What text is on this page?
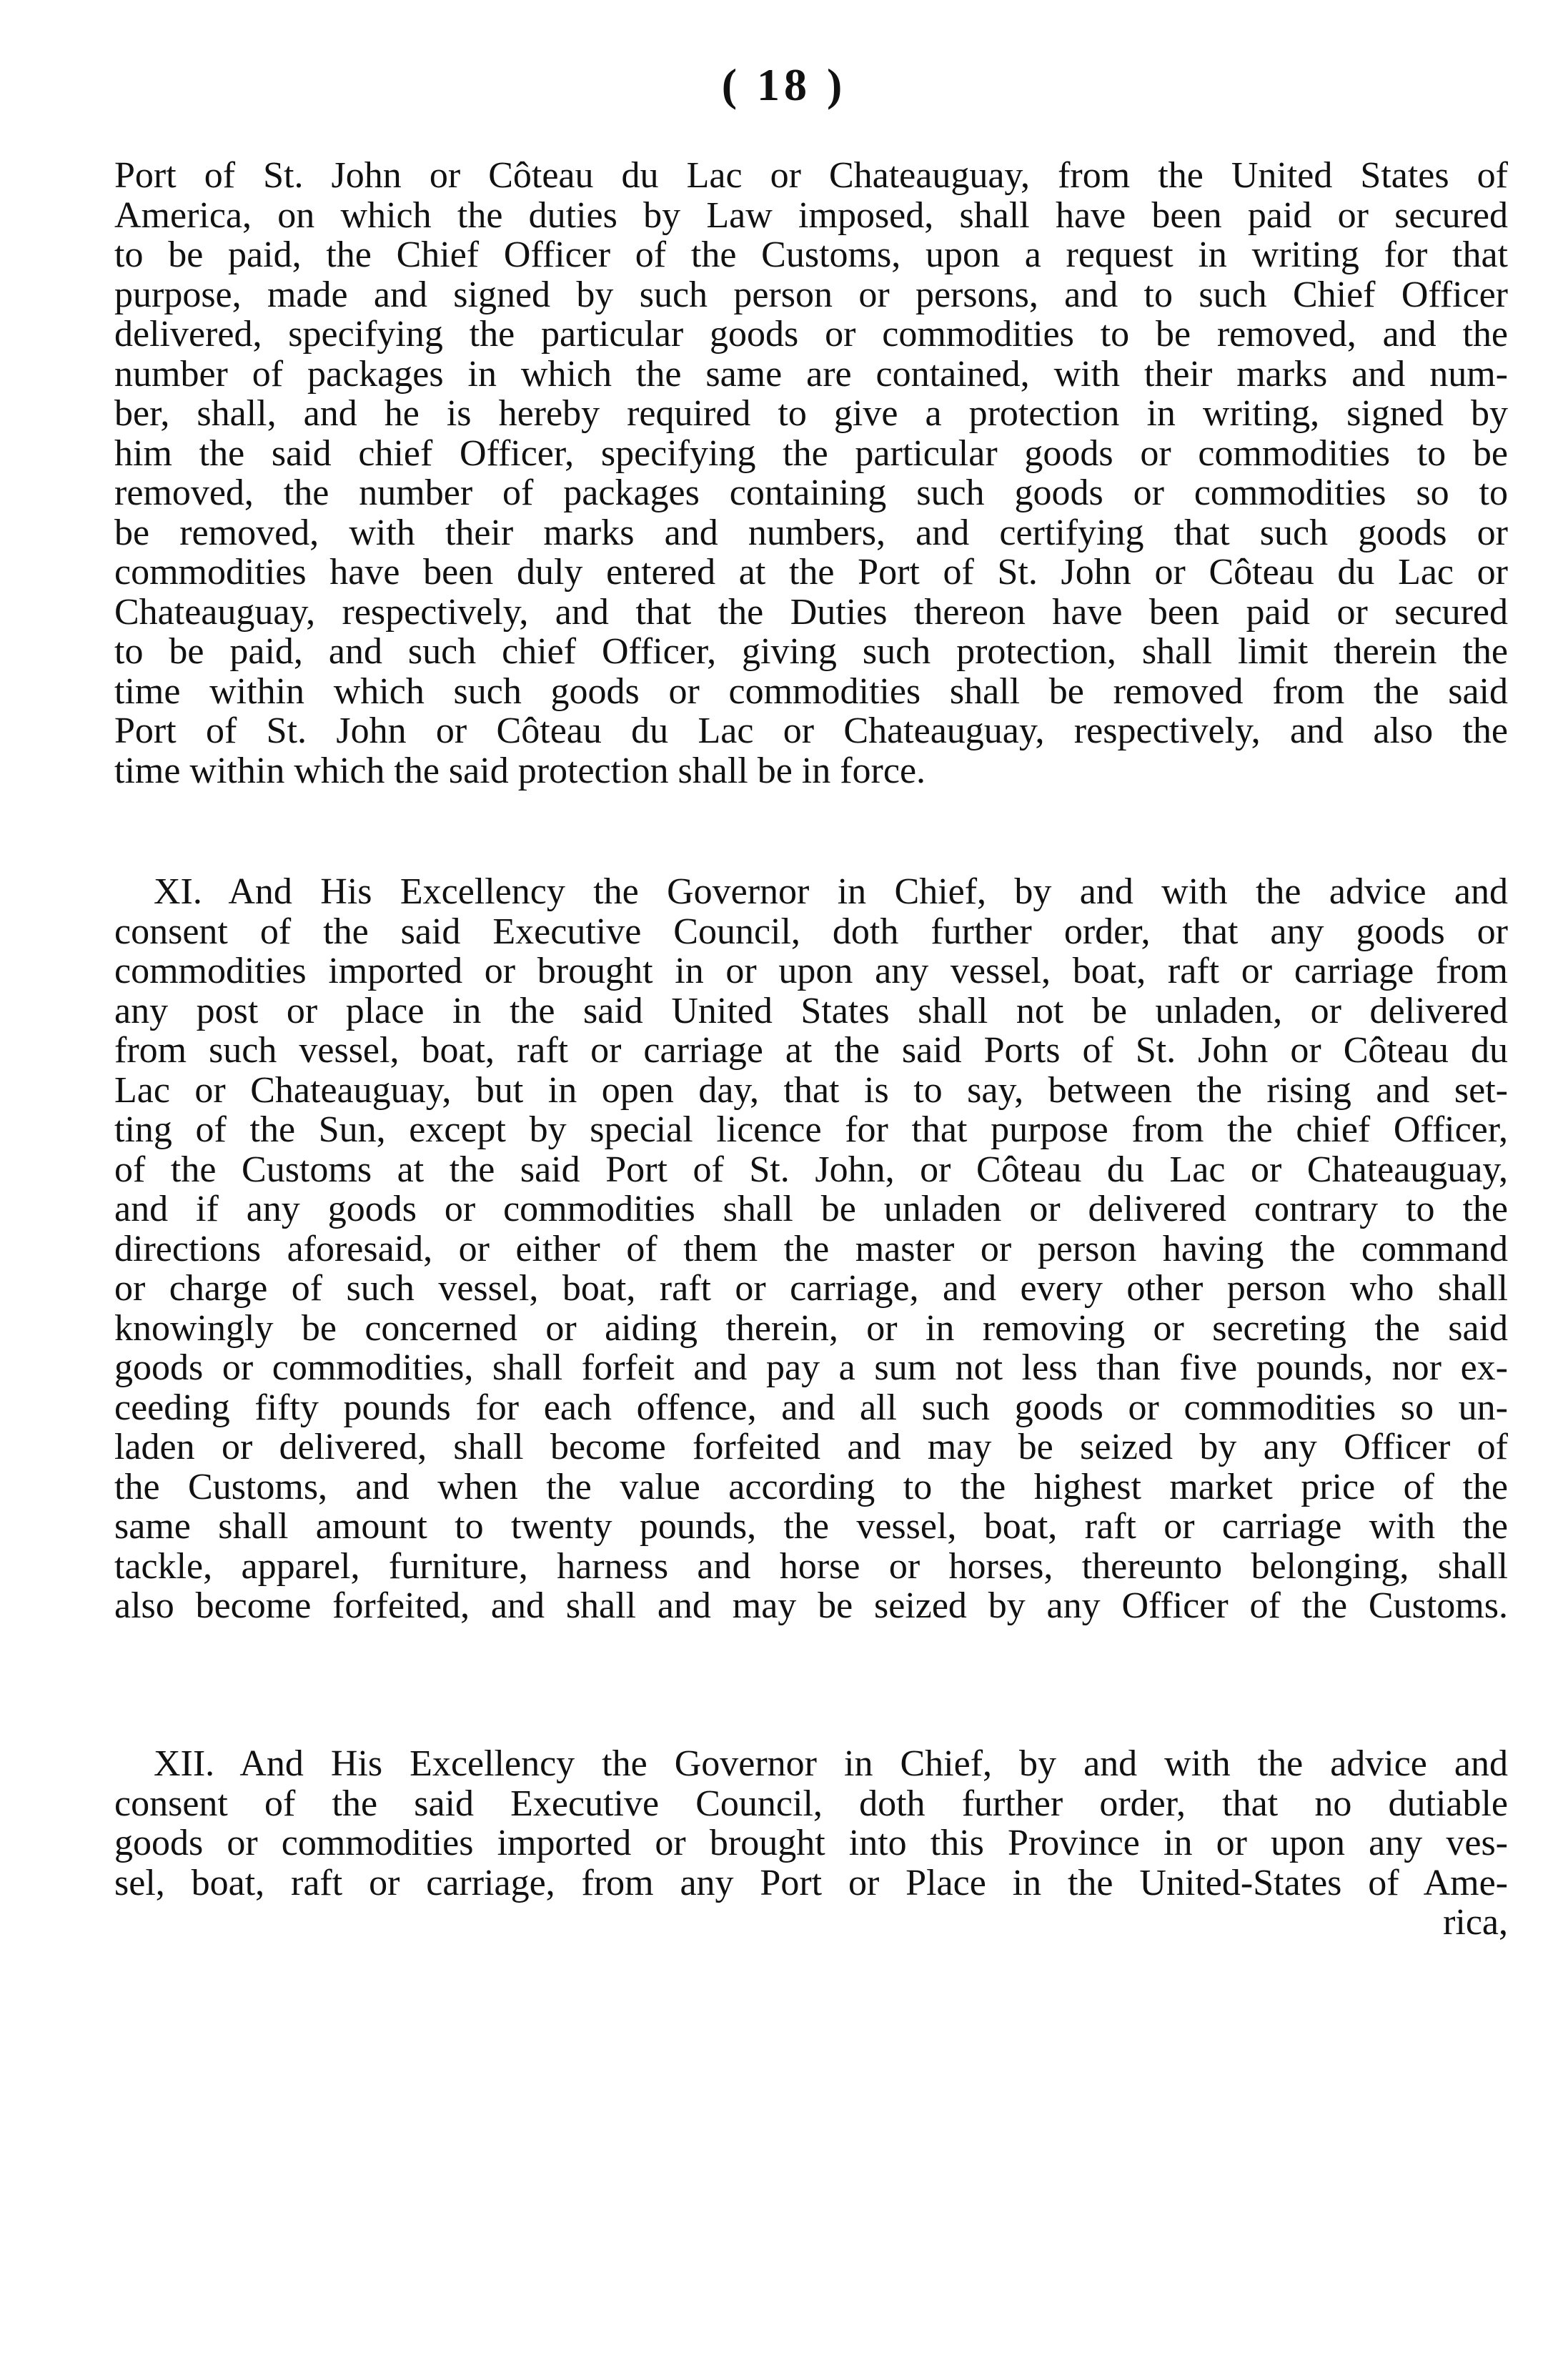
( 18 )
Port of St. John or Côteau du Lac or Chateauguay, from the United States of
America, on which the duties by Law imposed, shall have been paid or secured
to be paid, the Chief Officer of the Customs, upon a request in writing for that
purpose, made and signed by such person or persons, and to such Chief Officer
delivered, specifying the particular goods or commodities to be removed, and the
number of packages in which the same are contained, with their marks and num-
ber, shall, and he is hereby required to give a protection in writing, signed by
him the said chief Officer, specifying the particular goods or commodities to be
removed, the number of packages containing such goods or commodities so to
be removed, with their marks and numbers, and certifying that such goods or
commodities have been duly entered at the Port of St. John or Côteau du Lac or
Chateauguay, respectively, and that the Duties thereon have been paid or secured
to be paid, and such chief Officer, giving such protection, shall limit therein the
time within which such goods or commodities shall be removed from the said
Port of St. John or Côteau du Lac or Chateauguay, respectively, and also the
time within which the said protection shall be in force.
XI. And His Excellency the Governor in Chief, by and with the advice and
consent of the said Executive Council, doth further order, that any goods or
commodities imported or brought in or upon any vessel, boat, raft or carriage from
any post or place in the said United States shall not be unladen, or delivered
from such vessel, boat, raft or carriage at the said Ports of St. John or Côteau du
Lac or Chateauguay, but in open day, that is to say, between the rising and set-
ting of the Sun, except by special licence for that purpose from the chief Officer,
of the Customs at the said Port of St. John, or Côteau du Lac or Chateauguay,
and if any goods or commodities shall be unladen or delivered contrary to the
directions aforesaid, or either of them the master or person having the command
or charge of such vessel, boat, raft or carriage, and every other person who shall
knowingly be concerned or aiding therein, or in removing or secreting the said
goods or commodities, shall forfeit and pay a sum not less than five pounds, nor ex-
ceeding fifty pounds for each offence, and all such goods or commodities so un-
laden or delivered, shall become forfeited and may be seized by any Officer of
the Customs, and when the value according to the highest market price of the
same shall amount to twenty pounds, the vessel, boat, raft or carriage with the
tackle, apparel, furniture, harness and horse or horses, thereunto belonging, shall
also become forfeited, and shall and may be seized by any Officer of the Customs.
XII. And His Excellency the Governor in Chief, by and with the advice and
consent of the said Executive Council, doth further order, that no dutiable
goods or commodities imported or brought into this Province in or upon any ves-
sel, boat, raft or carriage, from any Port or Place in the United-States of Ame-
rica,
